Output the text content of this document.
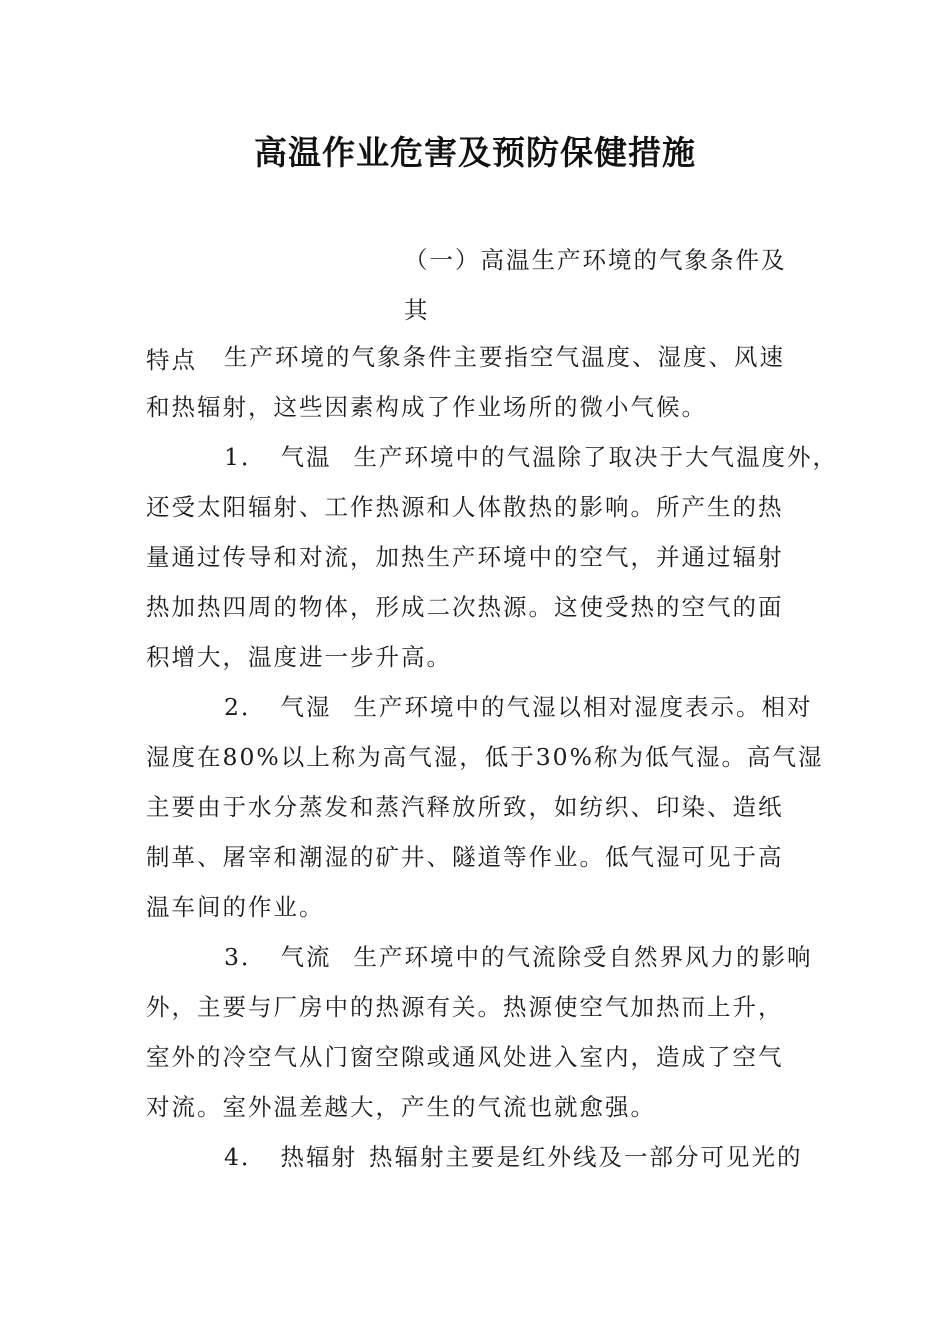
高温作业危害及预防保健措施
（一）高温生产环境的气象条件及其
特点	生产环境的气象条件主要指空气温度、湿度、风速
和热辐射，这些因素构成了作业场所的微小气候。
1． 气温 生产环境中的气温除了取决于大气温度外，
还受太阳辐射、工作热源和人体散热的影响。所产生的热
量通过传导和对流，加热生产环境中的空气，并通过辐射
热加热四周的物体，形成二次热源。这使受热的空气的面
积增大，温度进一步升高。
2． 气湿 生产环境中的气湿以相对湿度表示。相对
湿度在80%以上称为高气湿，低于30%称为低气湿。高气湿
主要由于水分蒸发和蒸汽释放所致，如纺织、印染、造纸
制革、屠宰和潮湿的矿井、隧道等作业。低气湿可见于高
温车间的作业。
3． 气流 生产环境中的气流除受自然界风力的影响
外，主要与厂房中的热源有关。热源使空气加热而上升，
室外的冷空气从门窗空隙或通风处进入室内，造成了空气
对流。室外温差越大，产生的气流也就愈强。
4． 热辐射 热辐射主要是红外线及一部分可见光的
